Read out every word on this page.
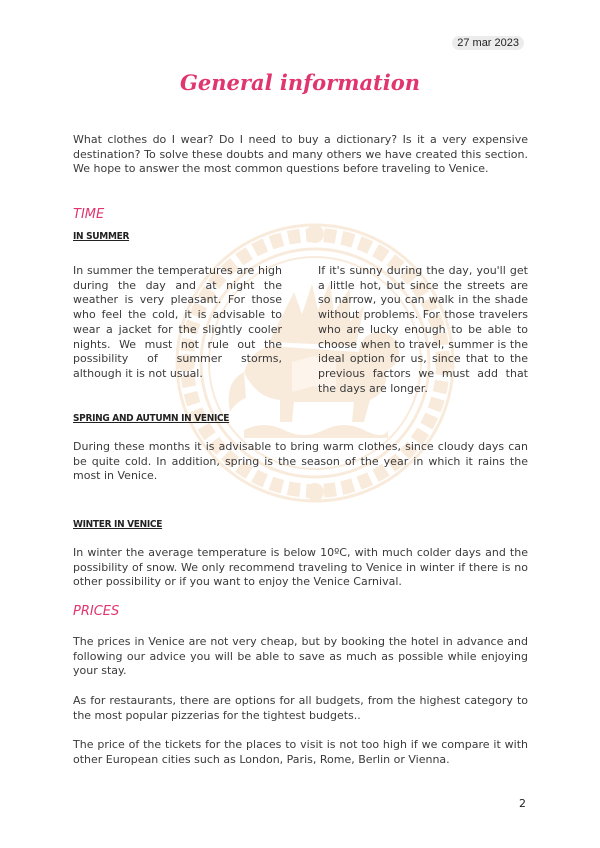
27 mar 2023
General information

What clothes do I wear? Do I need to buy a dictionary? Is it a very expensive destination? To solve these doubts and many others we have created this section. We hope to answer the most common questions before traveling to Venice.

TIME
IN SUMMER

In summer the temperatures are high during the day and at night the weather is very pleasant. For those who feel the cold, it is advisable to wear a jacket for the slightly cooler nights. We must not rule out the possibility of summer storms, although it is not usual.

If it's sunny during the day, you'll get a little hot, but since the streets are so narrow, you can walk in the shade without problems. For those travelers who are lucky enough to be able to choose when to travel, summer is the ideal option for us, since that to the previous factors we must add that the days are longer.

SPRING AND AUTUMN IN VENICE

During these months it is advisable to bring warm clothes, since cloudy days can be quite cold. In addition, spring is the season of the year in which it rains the most in Venice.

WINTER IN VENICE

In winter the average temperature is below 10ºC, with much colder days and the possibility of snow. We only recommend traveling to Venice in winter if there is no other possibility or if you want to enjoy the Venice Carnival.

PRICES

The prices in Venice are not very cheap, but by booking the hotel in advance and following our advice you will be able to save as much as possible while enjoying your stay.

As for restaurants, there are options for all budgets, from the highest category to the most popular pizzerias for the tightest budgets..

The price of the tickets for the places to visit is not too high if we compare it with other European cities such as London, Paris, Rome, Berlin or Vienna.

2
